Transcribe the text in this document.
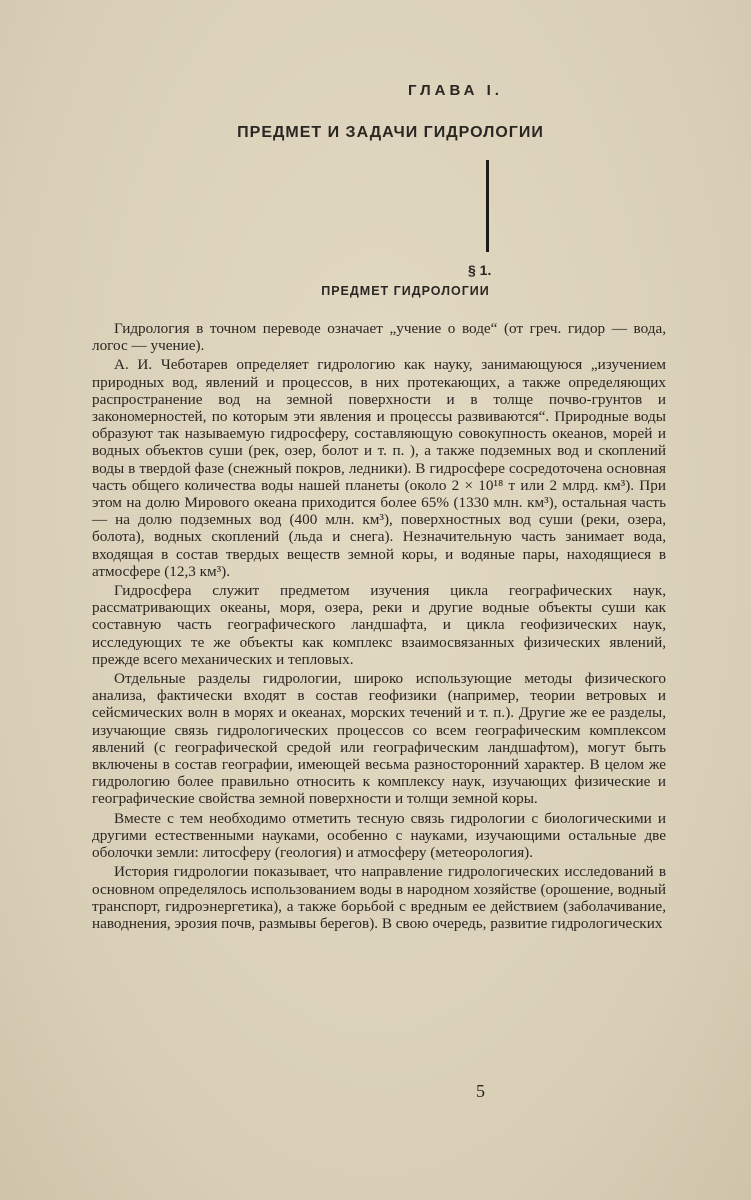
ГЛАВА I.
ПРЕДМЕТ И ЗАДАЧИ ГИДРОЛОГИИ
§ 1.
ПРЕДМЕТ ГИДРОЛОГИИ

Гидрология в точном переводе означает „учение о воде“ (от греч. гидор — вода, логос — учение).

А. И. Чеботарев определяет гидрологию как науку, занимающуюся „изучением природных вод, явлений и процессов, в них протекающих, а также определяющих распространение вод на земной поверхности и в толще почво-грунтов и закономерностей, по которым эти явления и процессы развиваются“. Природные воды образуют так называемую гидросферу, составляющую совокупность океанов, морей и водных объектов суши (рек, озер, болот и т. п. ), а также подземных вод и скоплений воды в твердой фазе (снежный покров, ледники). В гидросфере сосредоточена основная часть общего количества воды нашей планеты (около 2 × 10¹⁸ т или 2 млрд. км³). При этом на долю Мирового океана приходится более 65% (1330 млн. км³), остальная часть — на долю подземных вод (400 млн. км³), поверхностных вод суши (реки, озера, болота), водных скоплений (льда и снега). Незначительную часть занимает вода, входящая в состав твердых веществ земной коры, и водяные пары, находящиеся в атмосфере (12,3 км³).

Гидросфера служит предметом изучения цикла географических наук, рассматривающих океаны, моря, озера, реки и другие водные объекты суши как составную часть географического ландшафта, и цикла геофизических наук, исследующих те же объекты как комплекс взаимосвязанных физических явлений, прежде всего механических и тепловых.

Отдельные разделы гидрологии, широко использующие методы физического анализа, фактически входят в состав геофизики (например, теории ветровых и сейсмических волн в морях и океанах, морских течений и т. п.). Другие же ее разделы, изучающие связь гидрологических процессов со всем географическим комплексом явлений (с географической средой или географическим ландшафтом), могут быть включены в состав географии, имеющей весьма разносторонний характер. В целом же гидрологию более правильно относить к комплексу наук, изучающих физические и географические свойства земной поверхности и толщи земной коры.

Вместе с тем необходимо отметить тесную связь гидрологии с биологическими и другими естественными науками, особенно с науками, изучающими остальные две оболочки земли: литосферу (геология) и атмосферу (метеорология).

История гидрологии показывает, что направление гидрологических исследований в основном определялось использованием воды в народном хозяйстве (орошение, водный транспорт, гидроэнергетика), а также борьбой с вредным ее действием (заболачивание, наводнения, эрозия почв, размывы берегов). В свою очередь, развитие гидрологических

5
